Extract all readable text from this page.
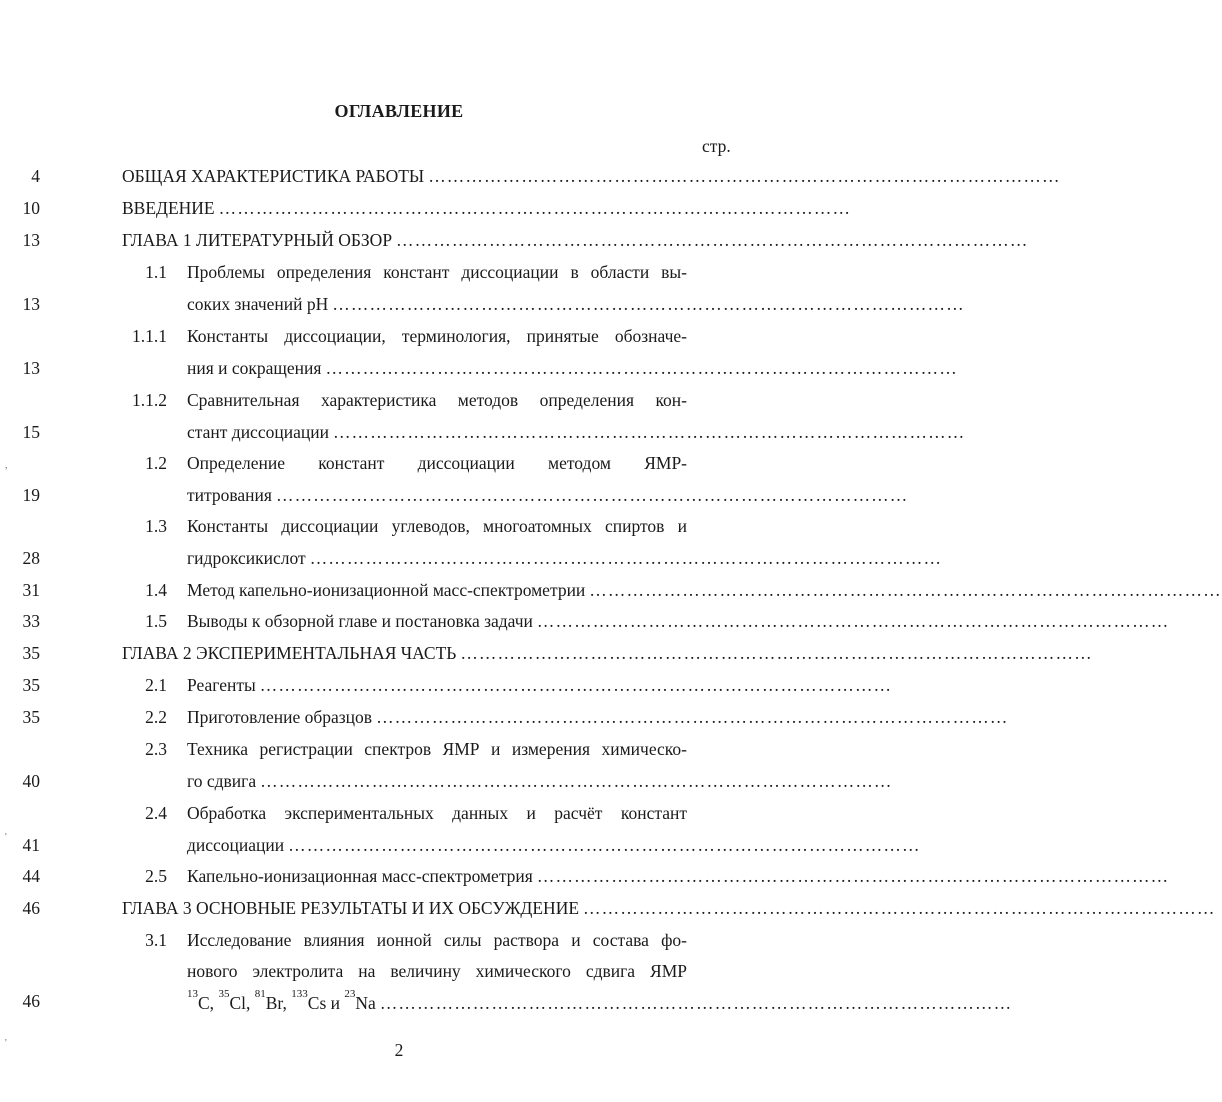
ОГЛАВЛЕНИЕ
стр.
ОБЩАЯ ХАРАКТЕРИСТИКА РАБОТЫ …………………………………………………………………………………………
4
ВВЕДЕНИЕ …………………………………………………………………………………………
10
ГЛАВА 1 ЛИТЕРАТУРНЫЙ ОБЗОР …………………………………………………………………………………………
13
1.1 Проблемы определения констант диссоциации в области вы-
соких значений pH …………………………………………………………………………………………
13
1.1.1 Константы диссоциации, терминология, принятые обозначе-
ния и сокращения …………………………………………………………………………………………
13
1.1.2 Сравнительная характеристика методов определения кон-
стант диссоциации …………………………………………………………………………………………
15
1.2 Определение констант диссоциации методом ЯМР-
титрования …………………………………………………………………………………………
19
1.3 Константы диссоциации углеводов, многоатомных спиртов и
гидроксикислот …………………………………………………………………………………………
28
1.4 Метод капельно-ионизационной масс-спектрометрии …………………………………………………………………………………………
31
1.5 Выводы к обзорной главе и постановка задачи …………………………………………………………………………………………
33
ГЛАВА 2 ЭКСПЕРИМЕНТАЛЬНАЯ ЧАСТЬ …………………………………………………………………………………………
35
2.1 Реагенты …………………………………………………………………………………………
35
2.2 Приготовление образцов …………………………………………………………………………………………
35
2.3 Техника регистрации спектров ЯМР и измерения химическо-
го сдвига …………………………………………………………………………………………
40
2.4 Обработка экспериментальных данных и расчёт констант
диссоциации …………………………………………………………………………………………
41
2.5 Капельно-ионизационная масс-спектрометрия …………………………………………………………………………………………
44
ГЛАВА 3 ОСНОВНЫЕ РЕЗУЛЬТАТЫ И ИХ ОБСУЖДЕНИЕ …………………………………………………………………………………………
46
3.1 Исследование влияния ионной силы раствора и состава фо-
нового электролита на величину химического сдвига ЯМР
46	$^{13}$C, $^{35}$Cl, $^{81}$Br, $^{133}$Cs и $^{23}$Na …………………………………………………………………………………………
2
,
'
'
